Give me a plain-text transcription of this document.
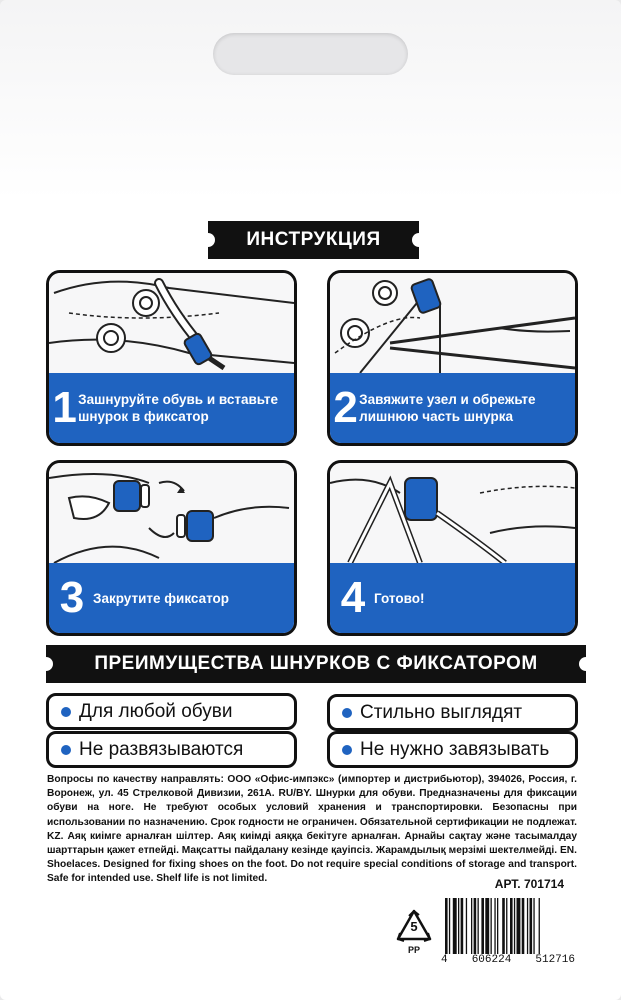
ИНСТРУКЦИЯ
1 Зашнуруйте обувь и вставьте шнурок в фиксатор	2 Завяжите узел и обрежьте лишнюю часть шнурка
3 Закрутите фиксатор	4 Готово!
ПРЕИМУЩЕСТВА ШНУРКОВ С ФИКСАТОРОМ
Для любой обуви	Стильно выглядят
Не развязываются	Не нужно завязывать
Вопросы по качеству направлять: ООО «Офис-импэкс» (импортер и дистрибьютор), 394026, Россия, г. Воронеж, ул. 45 Стрелковой Дивизии, 261А. RU/BY. Шнурки для обуви. Предназначены для фиксации обуви на ноге. Не требуют особых условий хранения и транспортировки. Безопасны при использовании по назначению. Срок годности не ограничен. Обязательной сертификации не подлежат. KZ. Аяқ киімге арналған шілтер. Аяқ киімді аяққа бекітуге арналған. Арнайы сақтау және тасымалдау шарттарын қажет етпейді. Мақсатты пайдалану кезінде қауіпсіз. Жарамдылық мерзімі шектелмейді. EN. Shoelaces. Designed for fixing shoes on the foot. Do not require special conditions of storage and transport. Safe for intended use. Shelf life is not limited.	АРТ. 701714
5
PP
4 606224 512716
